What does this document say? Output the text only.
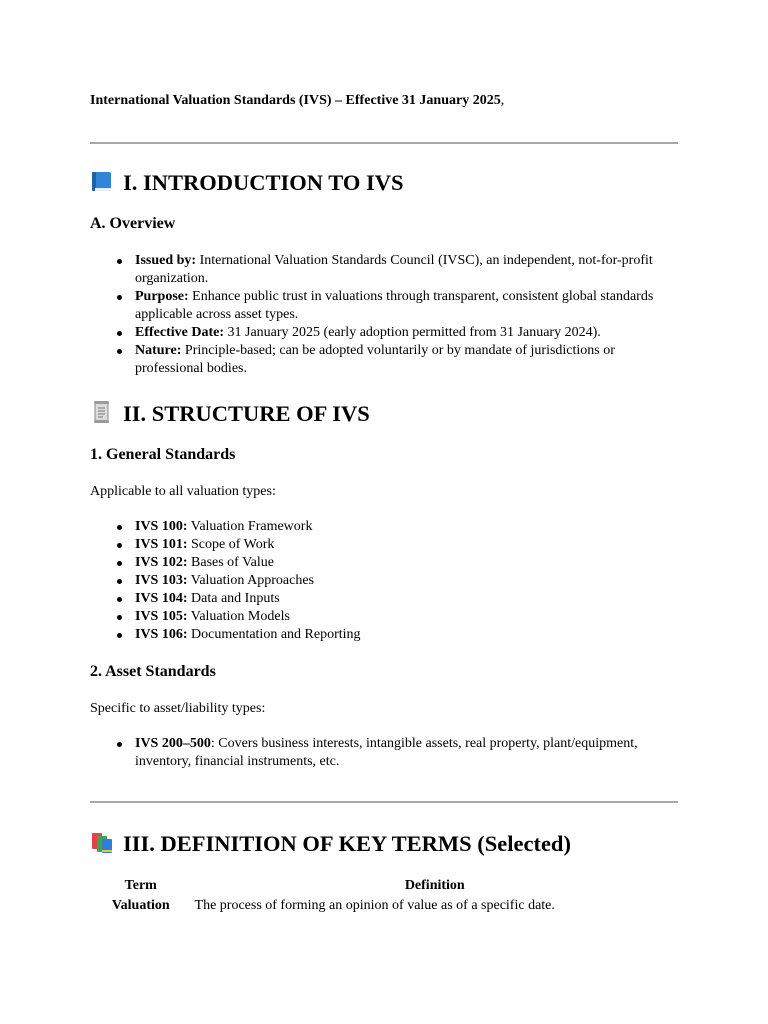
International Valuation Standards (IVS) – Effective 31 January 2025,
I. INTRODUCTION TO IVS
A. Overview
Issued by: International Valuation Standards Council (IVSC), an independent, not-for-profit organization.
Purpose: Enhance public trust in valuations through transparent, consistent global standards applicable across asset types.
Effective Date: 31 January 2025 (early adoption permitted from 31 January 2024).
Nature: Principle-based; can be adopted voluntarily or by mandate of jurisdictions or professional bodies.
II. STRUCTURE OF IVS
1. General Standards

Applicable to all valuation types:

IVS 100: Valuation Framework
IVS 101: Scope of Work
IVS 102: Bases of Value
IVS 103: Valuation Approaches
IVS 104: Data and Inputs
IVS 105: Valuation Models
IVS 106: Documentation and Reporting
2. Asset Standards

Specific to asset/liability types:

IVS 200–500: Covers business interests, intangible assets, real property, plant/equipment, inventory, financial instruments, etc.
III. DEFINITION OF KEY TERMS (Selected)
Term	Definition
Valuation	The process of forming an opinion of value as of a specific date.
